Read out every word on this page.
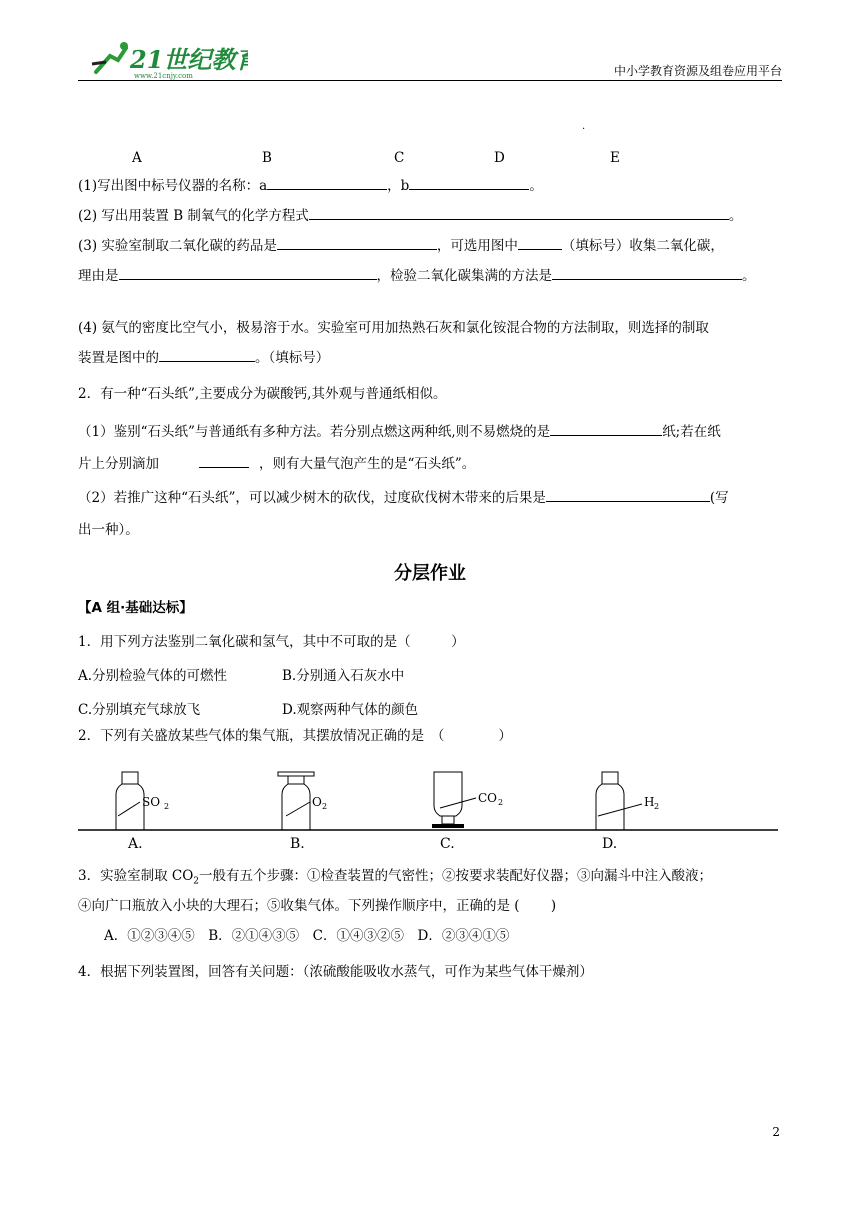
21世纪教育
www.21cnjy.com	中小学教育资源及组卷应用平台
.
A	B	C	D	E
(1)写出图中标号仪器的名称：a	，b	。
(2) 写出用装置 B 制氧气的化学方程式	。
(3) 实验室制取二氧化碳的药品是	，可选用图中	（填标号）收集二氧化碳，
理由是	，检验二氧化碳集满的方法是	。
(4) 氨气的密度比空气小，极易溶于水。实验室可用加热熟石灰和氯化铵混合物的方法制取，则选择的制取
装置是图中的	。（填标号）
2．有一种“石头纸”,主要成分为碳酸钙,其外观与普通纸相似。
（1）鉴别“石头纸”与普通纸有多种方法。若分别点燃这两种纸,则不易燃烧的是	纸;若在纸
片上分别滴加	，则有大量气泡产生的是“石头纸”。
（2）若推广这种“石头纸”，可以减少树木的砍伐，过度砍伐树木带来的后果是	(写
出一种）。
分层作业
【A 组·基础达标】
1．用下列方法鉴别二氧化碳和氢气，其中不可取的是（　　　）
A.分别检验气体的可燃性	B.分别通入石灰水中
C.分别填充气球放飞	D.观察两种气体的颜色
2．下列有关盛放某些气体的集气瓶，其摆放情况正确的是　（　　　　）
SO 2
A.
O 2
B.
CO 2
C.
H 2
D.
3．实验室制取 $CO_2$一般有五个步骤：①检查装置的气密性；②按要求装配好仪器；③向漏斗中注入酸液；
④向广口瓶放入小块的大理石；⑤收集气体。下列操作顺序中，正确的是 (　　 )
A．①②③④⑤　B．②①④③⑤　C．①④③②⑤　D．②③④①⑤
4．根据下列装置图，回答有关问题：（浓硫酸能吸收水蒸气，可作为某些气体干燥剂）
2
